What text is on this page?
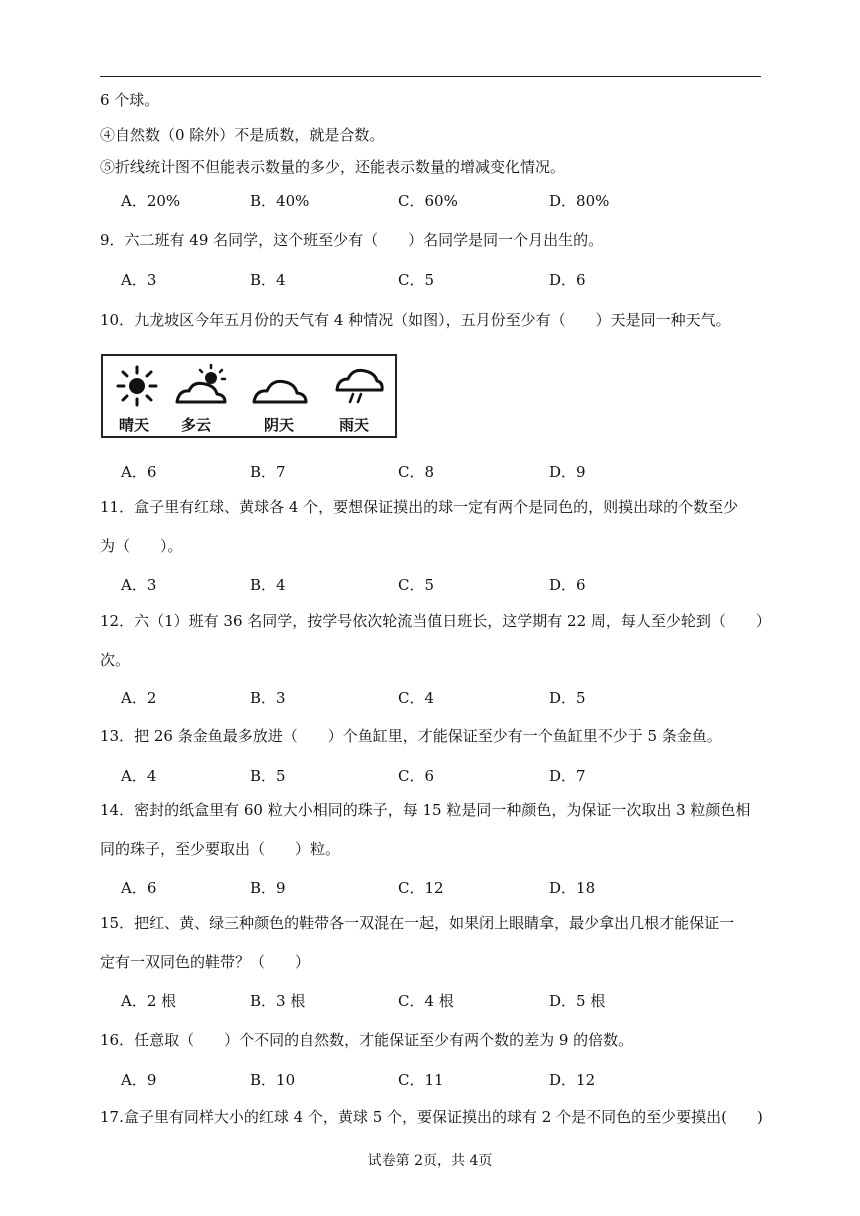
6 个球。
④自然数（0 除外）不是质数，就是合数。
⑤折线统计图不但能表示数量的多少，还能表示数量的增减变化情况。
A．20%	B．40%	C．60%	D．80%
9．六二班有 49 名同学，这个班至少有（　　）名同学是同一个月出生的。
A．3	B．4	C．5	D．6
10．九龙坡区今年五月份的天气有 4 种情况（如图），五月份至少有（　　）天是同一种天气。
晴天 多云	阴天	雨天
A．6	B．7	C．8	D．9
11．盒子里有红球、黄球各 4 个，要想保证摸出的球一定有两个是同色的，则摸出球的个数至少
为（　　）。
A．3	B．4	C．5	D．6
12．六（1）班有 36 名同学，按学号依次轮流当值日班长，这学期有 22 周，每人至少轮到（　　）
次。
A．2	B．3	C．4	D．5
13．把 26 条金鱼最多放进（　　）个鱼缸里，才能保证至少有一个鱼缸里不少于 5 条金鱼。
A．4	B．5	C．6	D．7
14．密封的纸盒里有 60 粒大小相同的珠子，每 15 粒是同一种颜色，为保证一次取出 3 粒颜色相
同的珠子，至少要取出（　　）粒。
A．6	B．9	C．12	D．18
15．把红、黄、绿三种颜色的鞋带各一双混在一起，如果闭上眼睛拿，最少拿出几根才能保证一
定有一双同色的鞋带？（　　）
A．2 根	B．3 根	C．4 根	D．5 根
16．任意取（　　）个不同的自然数，才能保证至少有两个数的差为 9 的倍数。
A．9	B．10	C．11	D．12
17.盒子里有同样大小的红球 4 个，黄球 5 个，要保证摸出的球有 2 个是不同色的至少要摸出(　　)
试卷第 2页，共 4页
